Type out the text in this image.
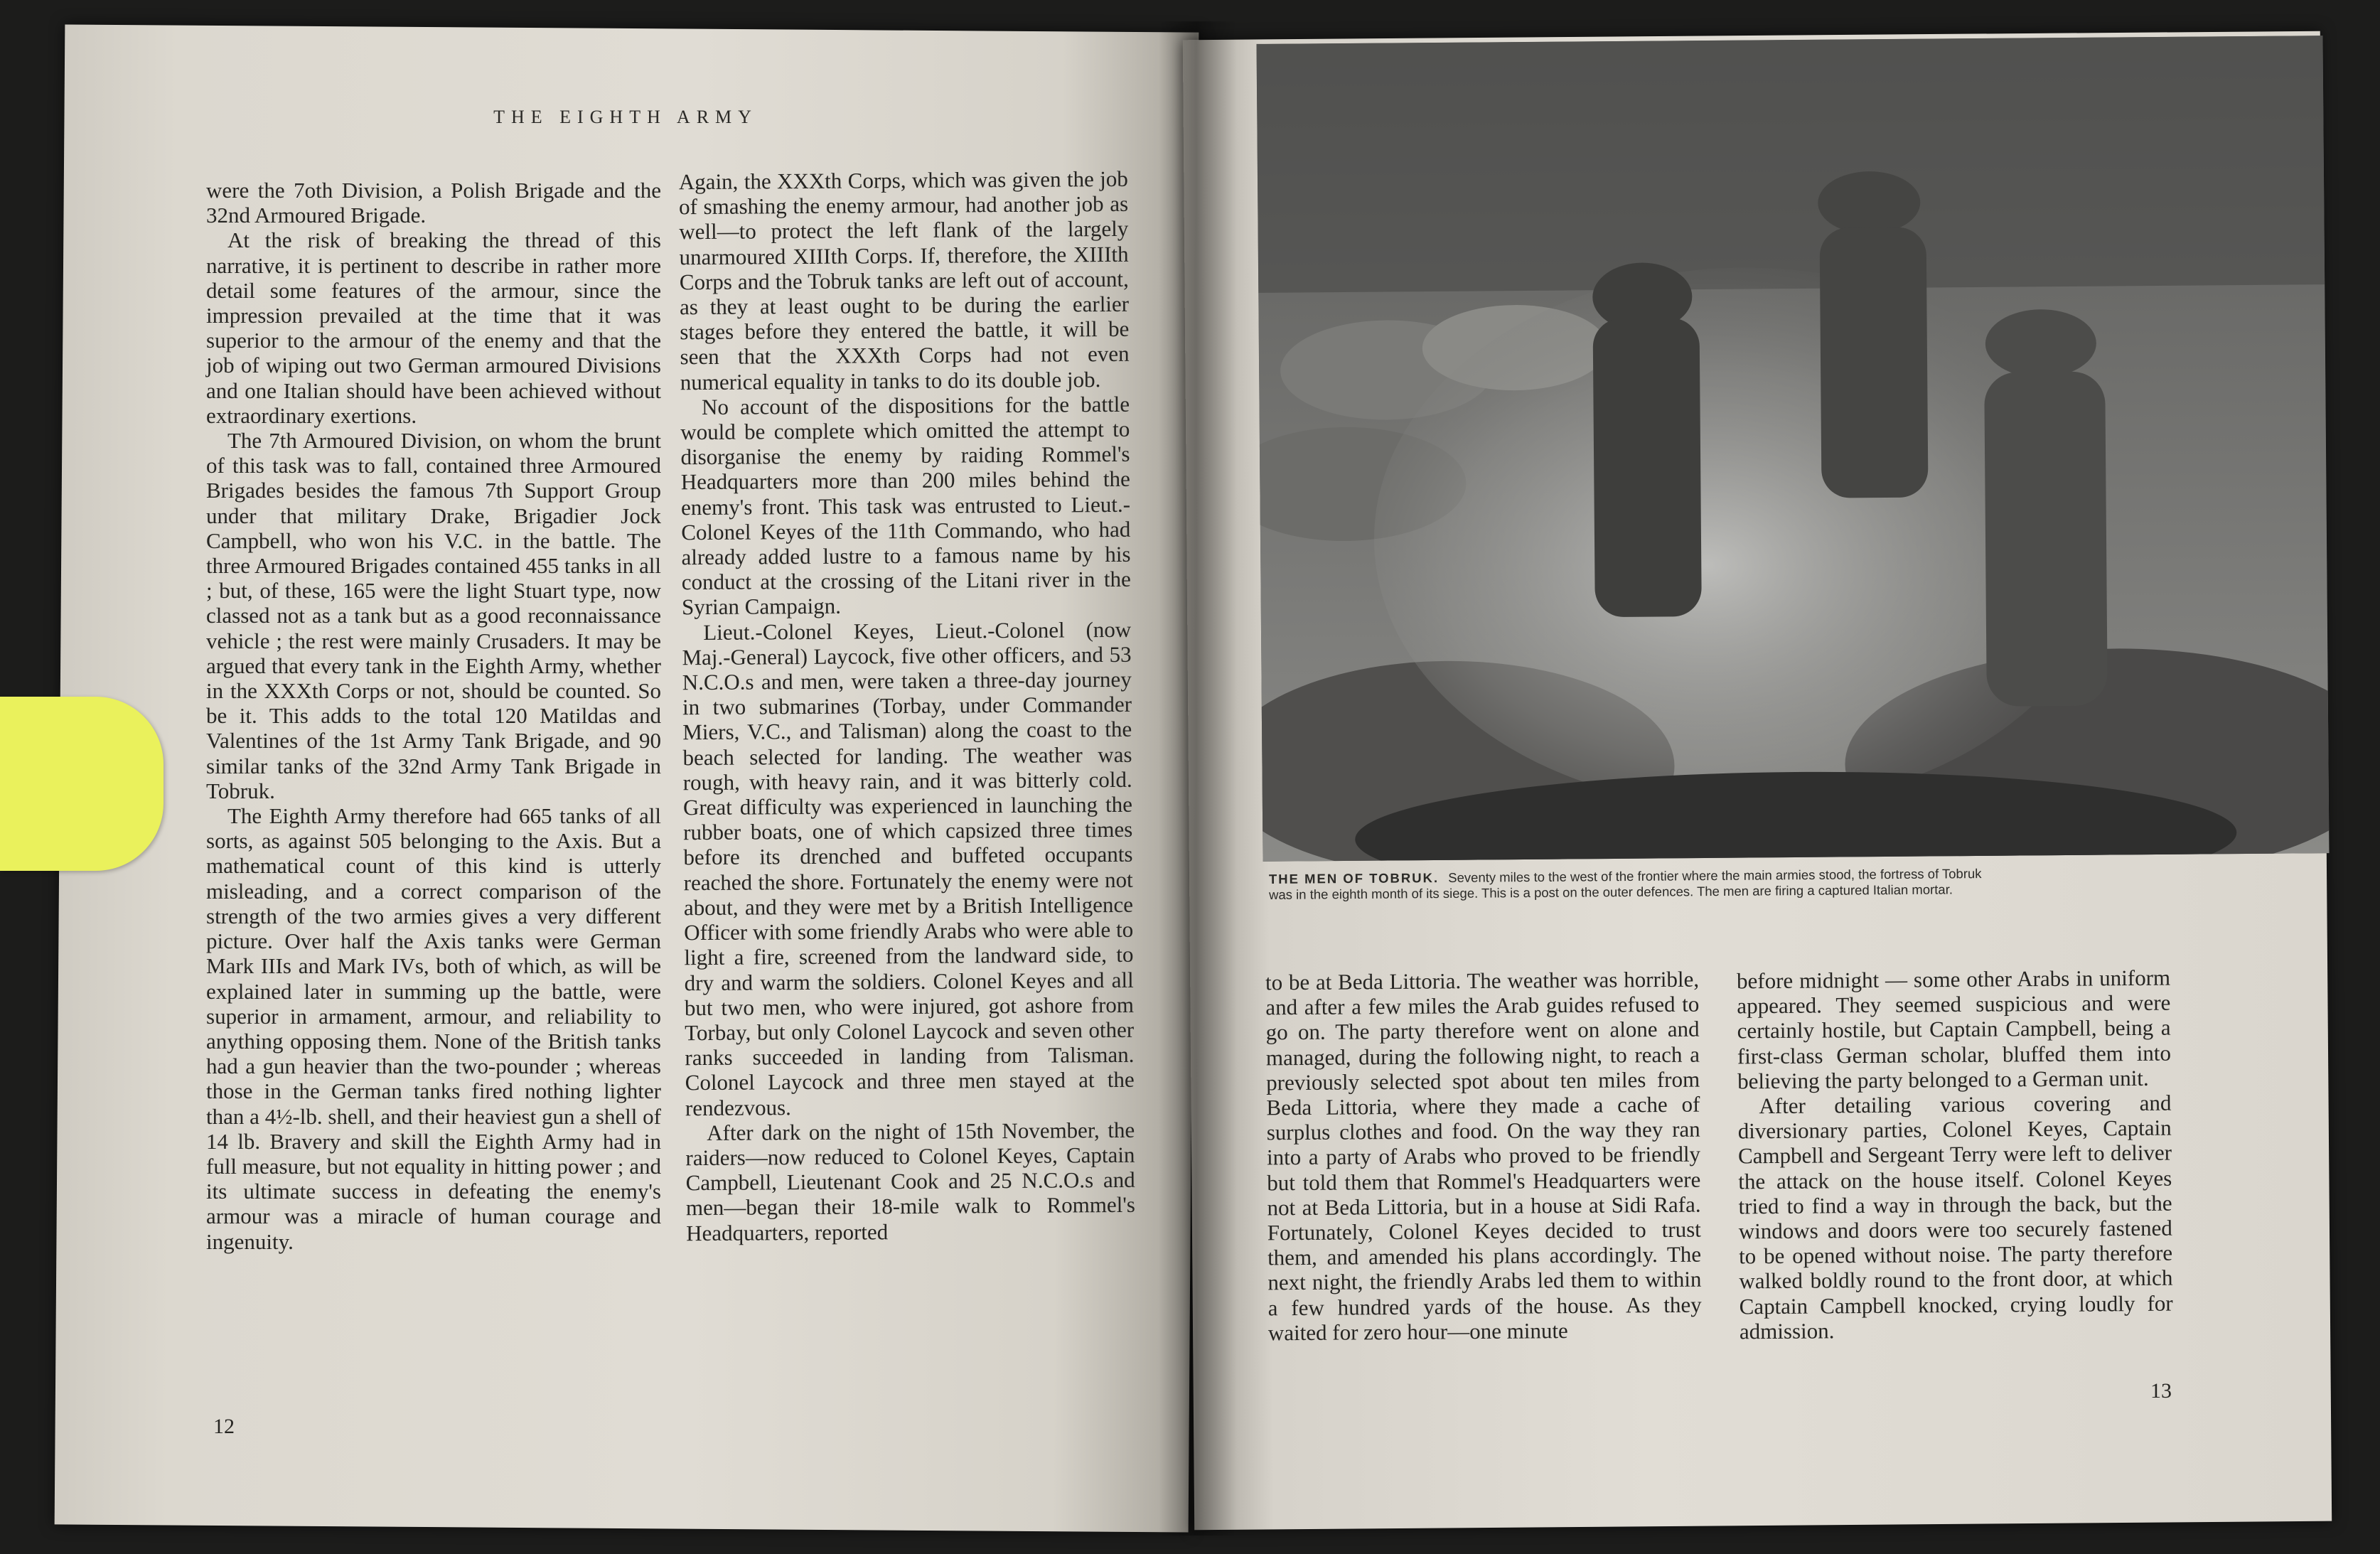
THE EIGHTH ARMY

were the 7oth Division, a Polish Brigade and the 32nd Armoured Brigade.

At the risk of breaking the thread of this narrative, it is pertinent to describe in rather more detail some features of the armour, since the impression prevailed at the time that it was superior to the armour of the enemy and that the job of wiping out two German armoured Divisions and one Italian should have been achieved without extraordinary exertions.

The 7th Armoured Division, on whom the brunt of this task was to fall, contained three Armoured Brigades besides the famous 7th Support Group under that military Drake, Brigadier Jock Campbell, who won his V.C. in the battle. The three Armoured Brigades contained 455 tanks in all ; but, of these, 165 were the light Stuart type, now classed not as a tank but as a good reconnaissance vehicle ; the rest were mainly Crusaders. It may be argued that every tank in the Eighth Army, whether in the XXXth Corps or not, should be counted. So be it. This adds to the total 120 Matildas and Valentines of the 1st Army Tank Brigade, and 90 similar tanks of the 32nd Army Tank Brigade in Tobruk.

The Eighth Army therefore had 665 tanks of all sorts, as against 505 belonging to the Axis. But a mathematical count of this kind is utterly misleading, and a correct comparison of the strength of the two armies gives a very different picture. Over half the Axis tanks were German Mark IIIs and Mark IVs, both of which, as will be explained later in summing up the battle, were superior in armament, armour, and reliability to anything opposing them. None of the British tanks had a gun heavier than the two-pounder ; whereas those in the German tanks fired nothing lighter than a 4½-lb. shell, and their heaviest gun a shell of 14 lb. Bravery and skill the Eighth Army had in full measure, but not equality in hitting power ; and its ultimate success in defeating the enemy's armour was a miracle of human courage and ingenuity.

Again, the XXXth Corps, which was given the job of smashing the enemy armour, had another job as well—to protect the left flank of the largely unarmoured XIIIth Corps. If, therefore, the XIIIth Corps and the Tobruk tanks are left out of account, as they at least ought to be during the earlier stages before they entered the battle, it will be seen that the XXXth Corps had not even numerical equality in tanks to do its double job.

No account of the dispositions for the battle would be complete which omitted the attempt to disorganise the enemy by raiding Rommel's Headquarters more than 200 miles behind the enemy's front. This task was entrusted to Lieut.-Colonel Keyes of the 11th Commando, who had already added lustre to a famous name by his conduct at the crossing of the Litani river in the Syrian Campaign.

Lieut.-Colonel Keyes, Lieut.-Colonel (now Maj.-General) Laycock, five other officers, and 53 N.C.O.s and men, were taken a three-day journey in two submarines (Torbay, under Commander Miers, V.C., and Talisman) along the coast to the beach selected for landing. The weather was rough, with heavy rain, and it was bitterly cold. Great difficulty was experienced in launching the rubber boats, one of which capsized three times before its drenched and buffeted occupants reached the shore. Fortunately the enemy were not about, and they were met by a British Intelligence Officer with some friendly Arabs who were able to light a fire, screened from the landward side, to dry and warm the soldiers. Colonel Keyes and all but two men, who were injured, got ashore from Torbay, but only Colonel Laycock and seven other ranks succeeded in landing from Talisman. Colonel Laycock and three men stayed at the rendezvous.

After dark on the night of 15th November, the raiders—now reduced to Colonel Keyes, Captain Campbell, Lieutenant Cook and 25 N.C.O.s and men—began their 18-mile walk to Rommel's Headquarters, reported

12
THE MEN OF TOBRUK. Seventy miles to the west of the frontier where the main armies stood, the fortress of Tobruk was in the eighth month of its siege. This is a post on the outer defences. The men are firing a captured Italian mortar.

to be at Beda Littoria. The weather was horrible, and after a few miles the Arab guides refused to go on. The party therefore went on alone and managed, during the following night, to reach a previously selected spot about ten miles from Beda Littoria, where they made a cache of surplus clothes and food. On the way they ran into a party of Arabs who proved to be friendly but told them that Rommel's Headquarters were not at Beda Littoria, but in a house at Sidi Rafa. Fortunately, Colonel Keyes decided to trust them, and amended his plans accordingly. The next night, the friendly Arabs led them to within a few hundred yards of the house. As they waited for zero hour—one minute

before midnight — some other Arabs in uniform appeared. They seemed suspicious and were certainly hostile, but Captain Campbell, being a first-class German scholar, bluffed them into believing the party belonged to a German unit.

After detailing various covering and diversionary parties, Colonel Keyes, Captain Campbell and Sergeant Terry were left to deliver the attack on the house itself. Colonel Keyes tried to find a way in through the back, but the windows and doors were too securely fastened to be opened without noise. The party therefore walked boldly round to the front door, at which Captain Campbell knocked, crying loudly for admission.

13
